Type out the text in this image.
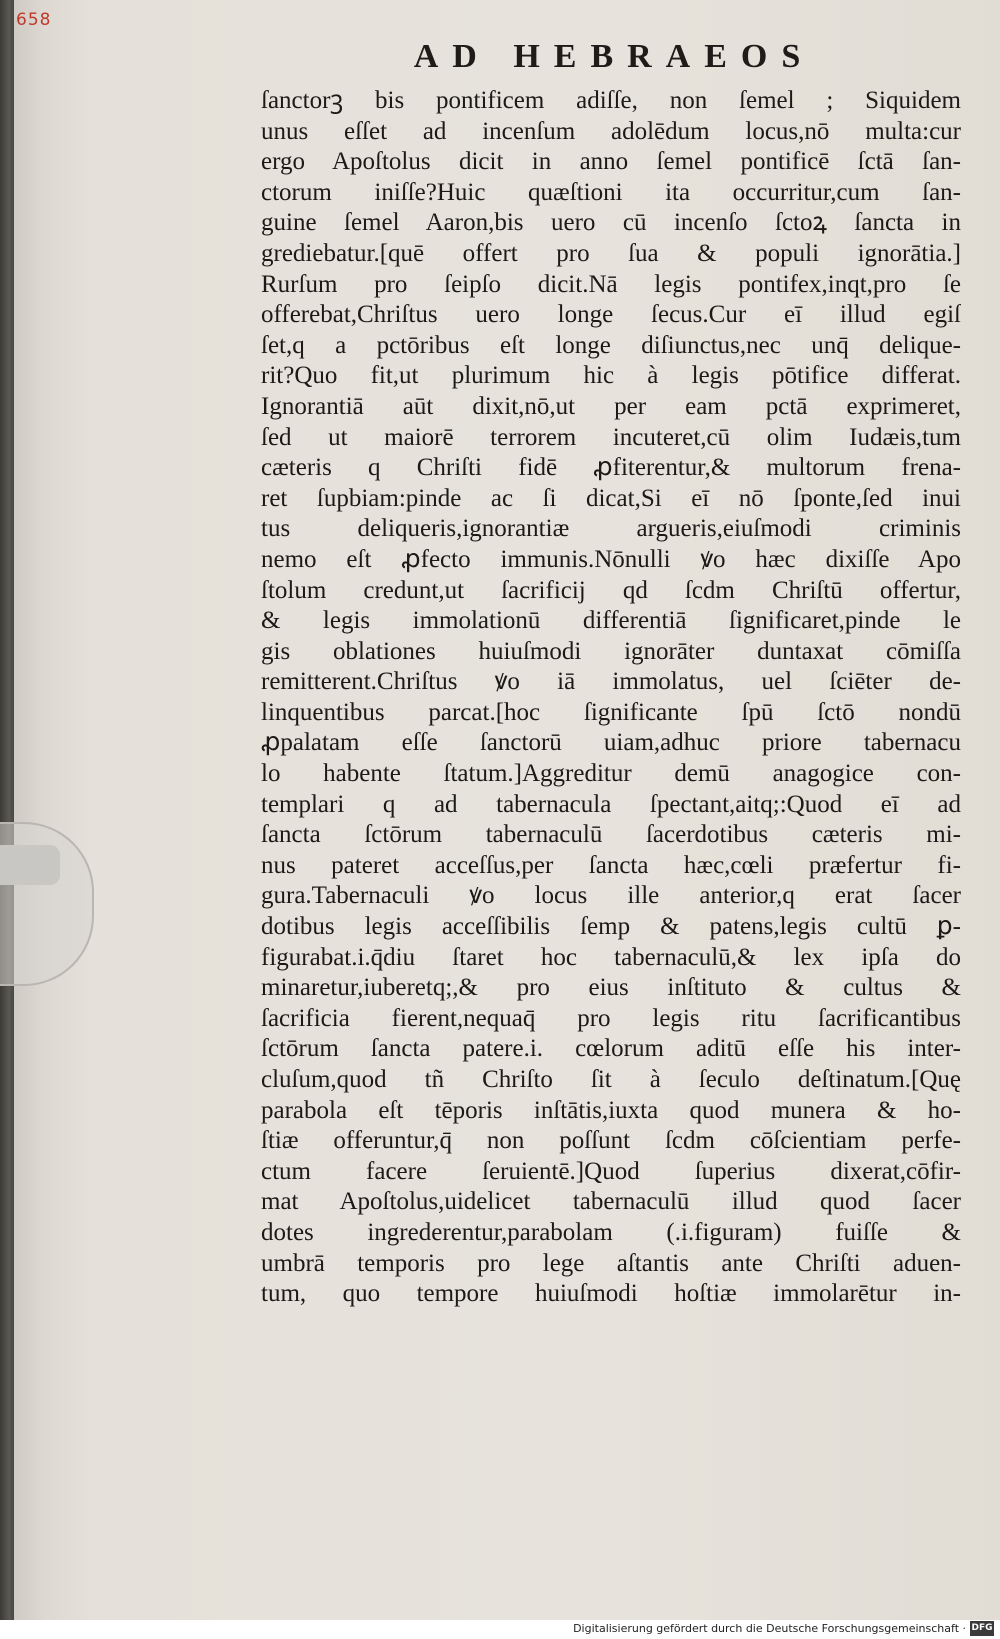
658
AD HEBRAEOS
ſanctorꝫ bis pontificem adiſſe, non ſemel ; Siquidem
unus eſſet ad incenſum adolēdum locus,nō multa:cur
ergo Apoſtolus dicit in anno ſemel pontificē ſctā ſan-
ctorum iniſſe?Huic quæſtioni ita occurritur,cum ſan-
guine ſemel Aaron,bis uero cū incenſo ſctoꝝ ſancta in
grediebatur.[quē offert pro ſua & populi ignorātia.]
Rurſum pro ſeipſo dicit.Nā legis pontifex,inqt,pro ſe
offerebat,Chriſtus uero longe ſecus.Cur eī illud egiſ
ſet,q a pctōribus eſt longe diſiunctus,nec unq̄ delique-
rit?Quo fit,ut plurimum hic à legis pōtifice differat.
Ignorantiā aūt dixit,nō,ut per eam pctā exprimeret,
ſed ut maiorē terrorem incuteret,cū olim Iudæis,tum
cæteris q Chriſti fidē ꝓfiterentur,& multorum frena-
ret ſupbiam:pinde ac ſi dicat,Si eī nō ſponte,ſed inui
tus deliqueris,ignorantiæ argueris,eiuſmodi criminis
nemo eſt ꝓfecto immunis.Nōnulli ꝟo hæc dixiſſe Apo
ſtolum credunt,ut ſacrificij qd ſcdm Chriſtū offertur,
& legis immolationū differentiā ſignificaret,pinde le
gis oblationes huiuſmodi ignorāter duntaxat cōmiſſa
remitterent.Chriſtus ꝟo iā immolatus, uel ſciēter de-
linquentibus parcat.[hoc ſignificante ſpū ſctō nondū
ꝓpalatam eſſe ſanctorū uiam,adhuc priore tabernacu
lo habente ſtatum.]Aggreditur demū anagogice con-
templari q ad tabernacula ſpectant,aitq;:Quod eī ad
ſancta ſctōrum tabernaculū ſacerdotibus cæteris mi-
nus pateret acceſſus,per ſancta hæc,cœli præfertur fi-
gura.Tabernaculi ꝟo locus ille anterior,q erat ſacer
dotibus legis acceſſibilis ſemp & patens,legis cultū ꝑ-
figurabat.i.q̄diu ſtaret hoc tabernaculū,& lex ipſa do
minaretur,iuberetq;,& pro eius inſtituto & cultus &
ſacrificia fierent,nequaq̄ pro legis ritu ſacrificantibus
ſctōrum ſancta patere.i. cœlorum aditū eſſe his inter-
cluſum,quod tñ Chriſto ſit à ſeculo deſtinatum.[Quę
parabola eſt tēporis inſtātis,iuxta quod munera & ho-
ſtiæ offeruntur,q̄ non poſſunt ſcdm cōſcientiam perfe-
ctum facere ſeruientē.]Quod ſuperius dixerat,cōfir-
mat Apoſtolus,uidelicet tabernaculū illud quod ſacer
dotes ingrederentur,parabolam (.i.figuram) fuiſſe &
umbrā temporis pro lege aſtantis ante Chriſti aduen-
tum, quo tempore huiuſmodi hoſtiæ immolarētur in-
Digitalisierung gefördert durch die Deutsche Forschungsgemeinschaft · DFG
